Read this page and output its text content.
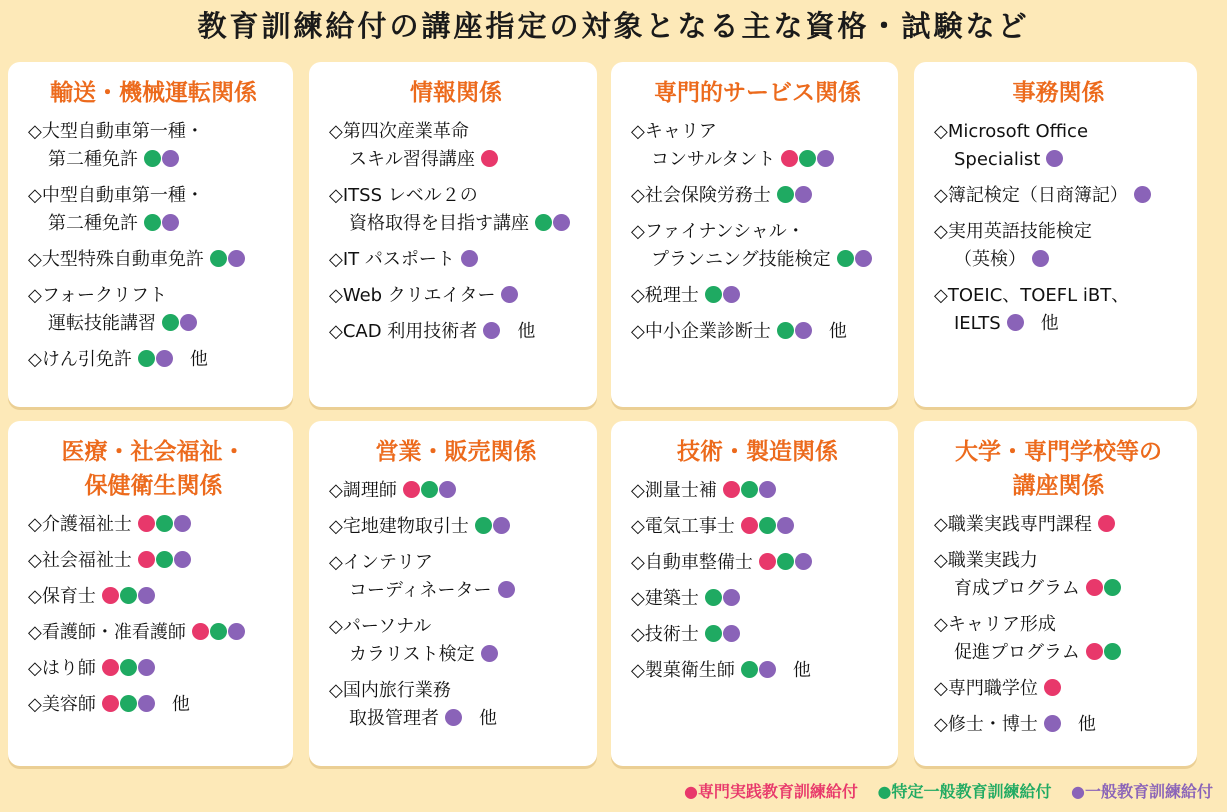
教育訓練給付の講座指定の対象となる主な資格・試験など
輸送・機械運転関係
◇大型自動車第一種・
第二種免許
◇中型自動車第一種・
第二種免許
◇大型特殊自動車免許
◇フォークリフト
運転技能講習
◇けん引免許	他
情報関係
◇第四次産業革命
スキル習得講座
◇ITSS レベル２の
資格取得を目指す講座
◇IT パスポート
◇Web クリエイター
◇CAD 利用技術者 他
専門的サービス関係
◇キャリア
コンサルタント
◇社会保険労務士
◇ファイナンシャル・
プランニング技能検定
◇税理士
◇中小企業診断士	他
事務関係
◇Microsoft Office
Specialist
◇簿記検定（日商簿記）
◇実用英語技能検定
（英検）
◇TOEIC、TOEFL iBT、
IELTS 他
医療・社会福祉・
保健衛生関係
◇介護福祉士
◇社会福祉士
◇保育士
◇看護師・准看護師
◇はり師
◇美容師	他
営業・販売関係
◇調理師
◇宅地建物取引士
◇インテリア
コーディネーター
◇パーソナル
カラリスト検定
◇国内旅行業務
取扱管理者 他
技術・製造関係
◇測量士補
◇電気工事士
◇自動車整備士
◇建築士
◇技術士
◇製菓衛生師	他
大学・専門学校等の
講座関係
◇職業実践専門課程
◇職業実践力
育成プログラム
◇キャリア形成
促進プログラム
◇専門職学位
◇修士・博士 他
●専門実践教育訓練給付 ●特定一般教育訓練給付 ●一般教育訓練給付
